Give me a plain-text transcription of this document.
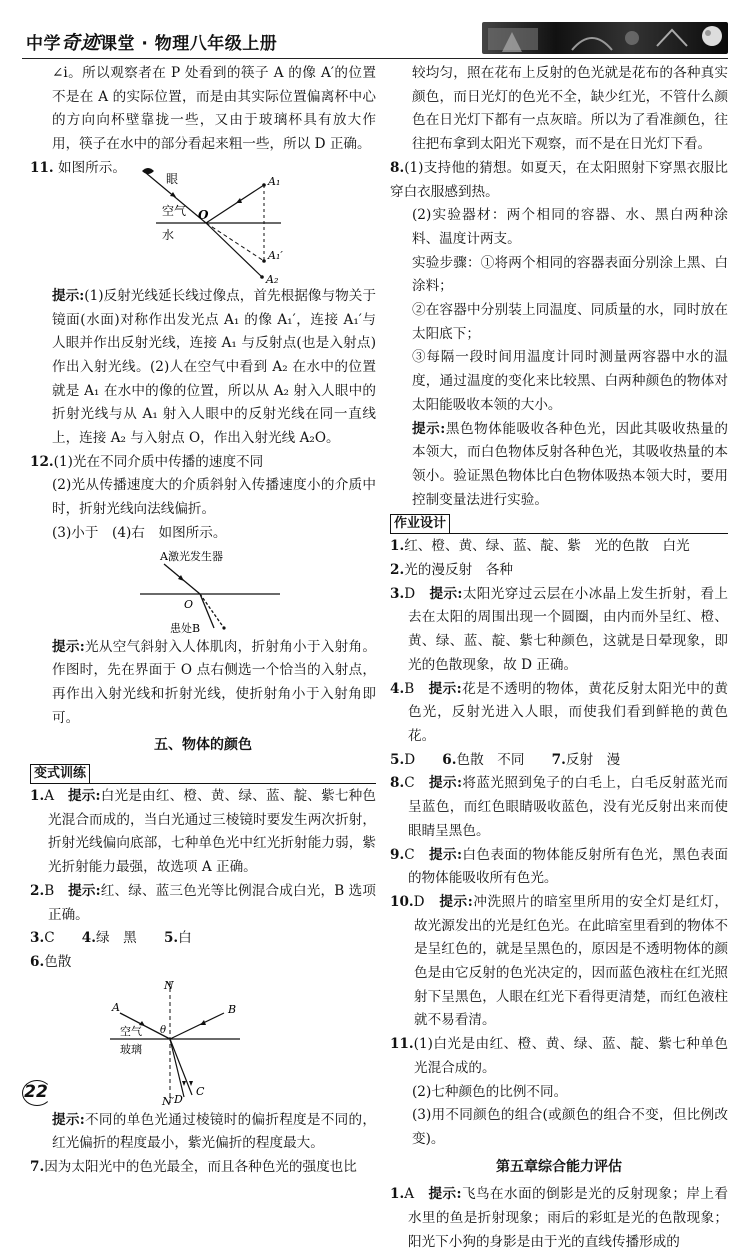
中学奇迹课堂 · 物理八年级上册

∠i。所以观察者在 P 处看到的筷子 A 的像 A′的位置不是在 A 的实际位置，而是由其实际位置偏离杯中心的方向向杯壁靠拢一些，又由于玻璃杯具有放大作用，筷子在水中的部分看起来粗一些，所以 D 正确。

11. 如图所示。
眼
空气
水
O
A₁
A₁′
A₂

提示:(1)反射光线延长线过像点，首先根据像与物关于镜面(水面)对称作出发光点 A₁ 的像 A₁′，连接 A₁′与人眼并作出反射光线，连接 A₁ 与反射点(也是入射点)作出入射光线。(2)人在空气中看到 A₂ 在水中的位置就是 A₁ 在水中的像的位置，所以从 A₂ 射入人眼中的折射光线与从 A₁ 射入人眼中的反射光线在同一直线上，连接 A₂ 与入射点 O，作出入射光线 A₂O。

12.(1)光在不同介质中传播的速度不同

(2)光从传播速度大的介质斜射入传播速度小的介质中时，折射光线向法线偏折。

(3)小于　(4)右　如图所示。

A激光发生器
O
患处B

提示:光从空气斜射入人体肌肉，折射角小于入射角。作图时，先在界面于 O 点右侧选一个恰当的入射点，再作出入射光线和折射光线，使折射角小于入射角即可。

五、物体的颜色
变式训练

1.A　 提示:白光是由红、橙、黄、绿、蓝、靛、紫七种色光混合而成的，当白光通过三棱镜时要发生两次折射，折射光线偏向底部，七种单色光中红光折射能力弱，紫光折射能力最强，故选项 A 正确。

2.B　 提示:红、绿、蓝三色光等比例混合成白光，B 选项正确。

3.C　　 4.绿　黑　　 5.白

6.色散

N
N′
A	B
C
D
θ
空气
玻璃

提示:不同的单色光通过棱镜时的偏折程度是不同的，红光偏折的程度最小，紫光偏折的程度最大。

7.因为太阳光中的色光最全，而且各种色光的强度也比

较均匀，照在花布上反射的色光就是花布的各种真实颜色，而日光灯的色光不全，缺少红光，不管什么颜色在日光灯下都有一点灰暗。所以为了看准颜色，往往把布拿到太阳光下观察，而不是在日光灯下看。

8.(1)支持他的猜想。如夏天，在太阳照射下穿黑衣服比穿白衣服感到热。

(2)实验器材：两个相同的容器、水、黑白两种涂料、温度计两支。

实验步骤：①将两个相同的容器表面分别涂上黑、白涂料；

②在容器中分别装上同温度、同质量的水，同时放在太阳底下；

③每隔一段时间用温度计同时测量两容器中水的温度，通过温度的变化来比较黑、白两种颜色的物体对太阳能吸收本领的大小。

提示:黑色物体能吸收各种色光，因此其吸收热量的本领大，而白色物体反射各种色光，其吸收热量的本领小。验证黑色物体比白色物体吸热本领大时，要用控制变量法进行实验。

作业设计

1.红、橙、黄、绿、蓝、靛、紫　光的色散　白光

2.光的漫反射　各种

3.D　 提示:太阳光穿过云层在小冰晶上发生折射，看上去在太阳的周围出现一个圆圈，由内而外呈红、橙、黄、绿、蓝、靛、紫七种颜色，这就是日晕现象，即光的色散现象，故 D 正确。

4.B　 提示:花是不透明的物体，黄花反射太阳光中的黄色光，反射光进入人眼，而使我们看到鲜艳的黄色花。

5.D　　 6.色散　不同　　 7.反射　漫

8.C　 提示:将蓝光照到兔子的白毛上，白毛反射蓝光而呈蓝色，而红色眼睛吸收蓝色，没有光反射出来而使眼睛呈黑色。

9.C　 提示:白色表面的物体能反射所有色光，黑色表面的物体能吸收所有色光。

10.D　 提示:冲洗照片的暗室里所用的安全灯是红灯，故光源发出的光是红色光。在此暗室里看到的物体不是呈红色的，就是呈黑色的，原因是不透明物体的颜色是由它反射的色光决定的，因而蓝色液柱在红光照射下呈黑色，人眼在红光下看得更清楚，而红色液柱就不易看清。

11.(1)白光是由红、橙、黄、绿、蓝、靛、紫七种单色光混合成的。

(2)七种颜色的比例不同。

(3)用不同颜色的组合(或颜色的组合不变，但比例改变)。

第五章综合能力评估

1.A　 提示:飞鸟在水面的倒影是光的反射现象；岸上看水里的鱼是折射现象；雨后的彩虹是光的色散现象；阳光下小狗的身影是由于光的直线传播形成的

22
